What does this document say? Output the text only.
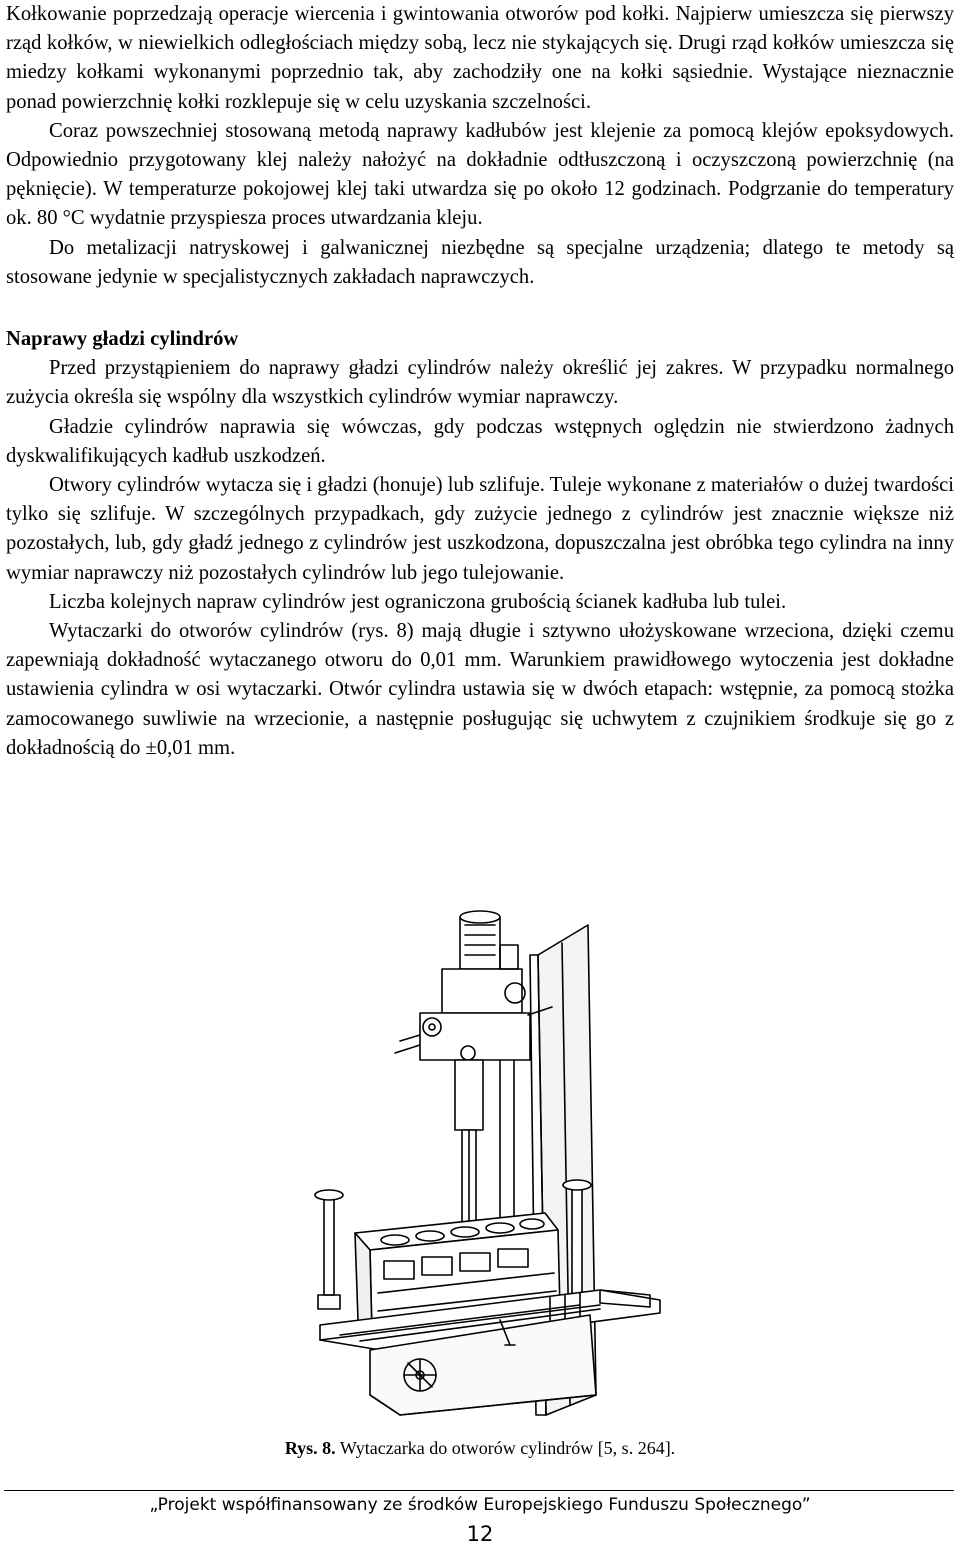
Kołkowanie poprzedzają operacje wiercenia i gwintowania otworów pod kołki. Najpierw umieszcza się pierwszy rząd kołków, w niewielkich odległościach między sobą, lecz nie stykających się. Drugi rząd kołków umieszcza się miedzy kołkami wykonanymi poprzednio tak, aby zachodziły one na kołki sąsiednie. Wystające nieznacznie ponad powierzchnię kołki rozklepuje się w celu uzyskania szczelności.

Coraz powszechniej stosowaną metodą naprawy kadłubów jest klejenie za pomocą klejów epoksydowych. Odpowiednio przygotowany klej należy nałożyć na dokładnie odtłuszczoną i oczyszczoną powierzchnię (na pęknięcie). W temperaturze pokojowej klej taki utwardza się po około 12 godzinach. Podgrzanie do temperatury ok. 80 °C wydatnie przyspiesza proces utwardzania kleju.

Do metalizacji natryskowej i galwanicznej niezbędne są specjalne urządzenia; dlatego te metody są stosowane jedynie w specjalistycznych zakładach naprawczych.

Naprawy gładzi cylindrów

Przed przystąpieniem do naprawy gładzi cylindrów należy określić jej zakres. W przypadku normalnego zużycia określa się wspólny dla wszystkich cylindrów wymiar naprawczy.

Gładzie cylindrów naprawia się wówczas, gdy podczas wstępnych oględzin nie stwierdzono żadnych dyskwalifikujących kadłub uszkodzeń.

Otwory cylindrów wytacza się i gładzi (honuje) lub szlifuje. Tuleje wykonane z materiałów o dużej twardości tylko się szlifuje. W szczególnych przypadkach, gdy zużycie jednego z cylindrów jest znacznie większe niż pozostałych, lub, gdy gładź jednego z cylindrów jest uszkodzona, dopuszczalna jest obróbka tego cylindra na inny wymiar naprawczy niż pozostałych cylindrów lub jego tulejowanie.

Liczba kolejnych napraw cylindrów jest ograniczona grubością ścianek kadłuba lub tulei.

Wytaczarki do otworów cylindrów (rys. 8) mają długie i sztywno ułożyskowane wrzeciona, dzięki czemu zapewniają dokładność wytaczanego otworu do 0,01 mm. Warunkiem prawidłowego wytoczenia jest dokładne ustawienia cylindra w osi wytaczarki. Otwór cylindra ustawia się w dwóch etapach: wstępnie, za pomocą stożka zamocowanego suwliwie na wrzecionie, a następnie posługując się uchwytem z czujnikiem środkuje się go z dokładnością do ±0,01 mm.

Rys. 8. Wytaczarka do otworów cylindrów [5, s. 264].
„Projekt współfinansowany ze środków Europejskiego Funduszu Społecznego”
12
